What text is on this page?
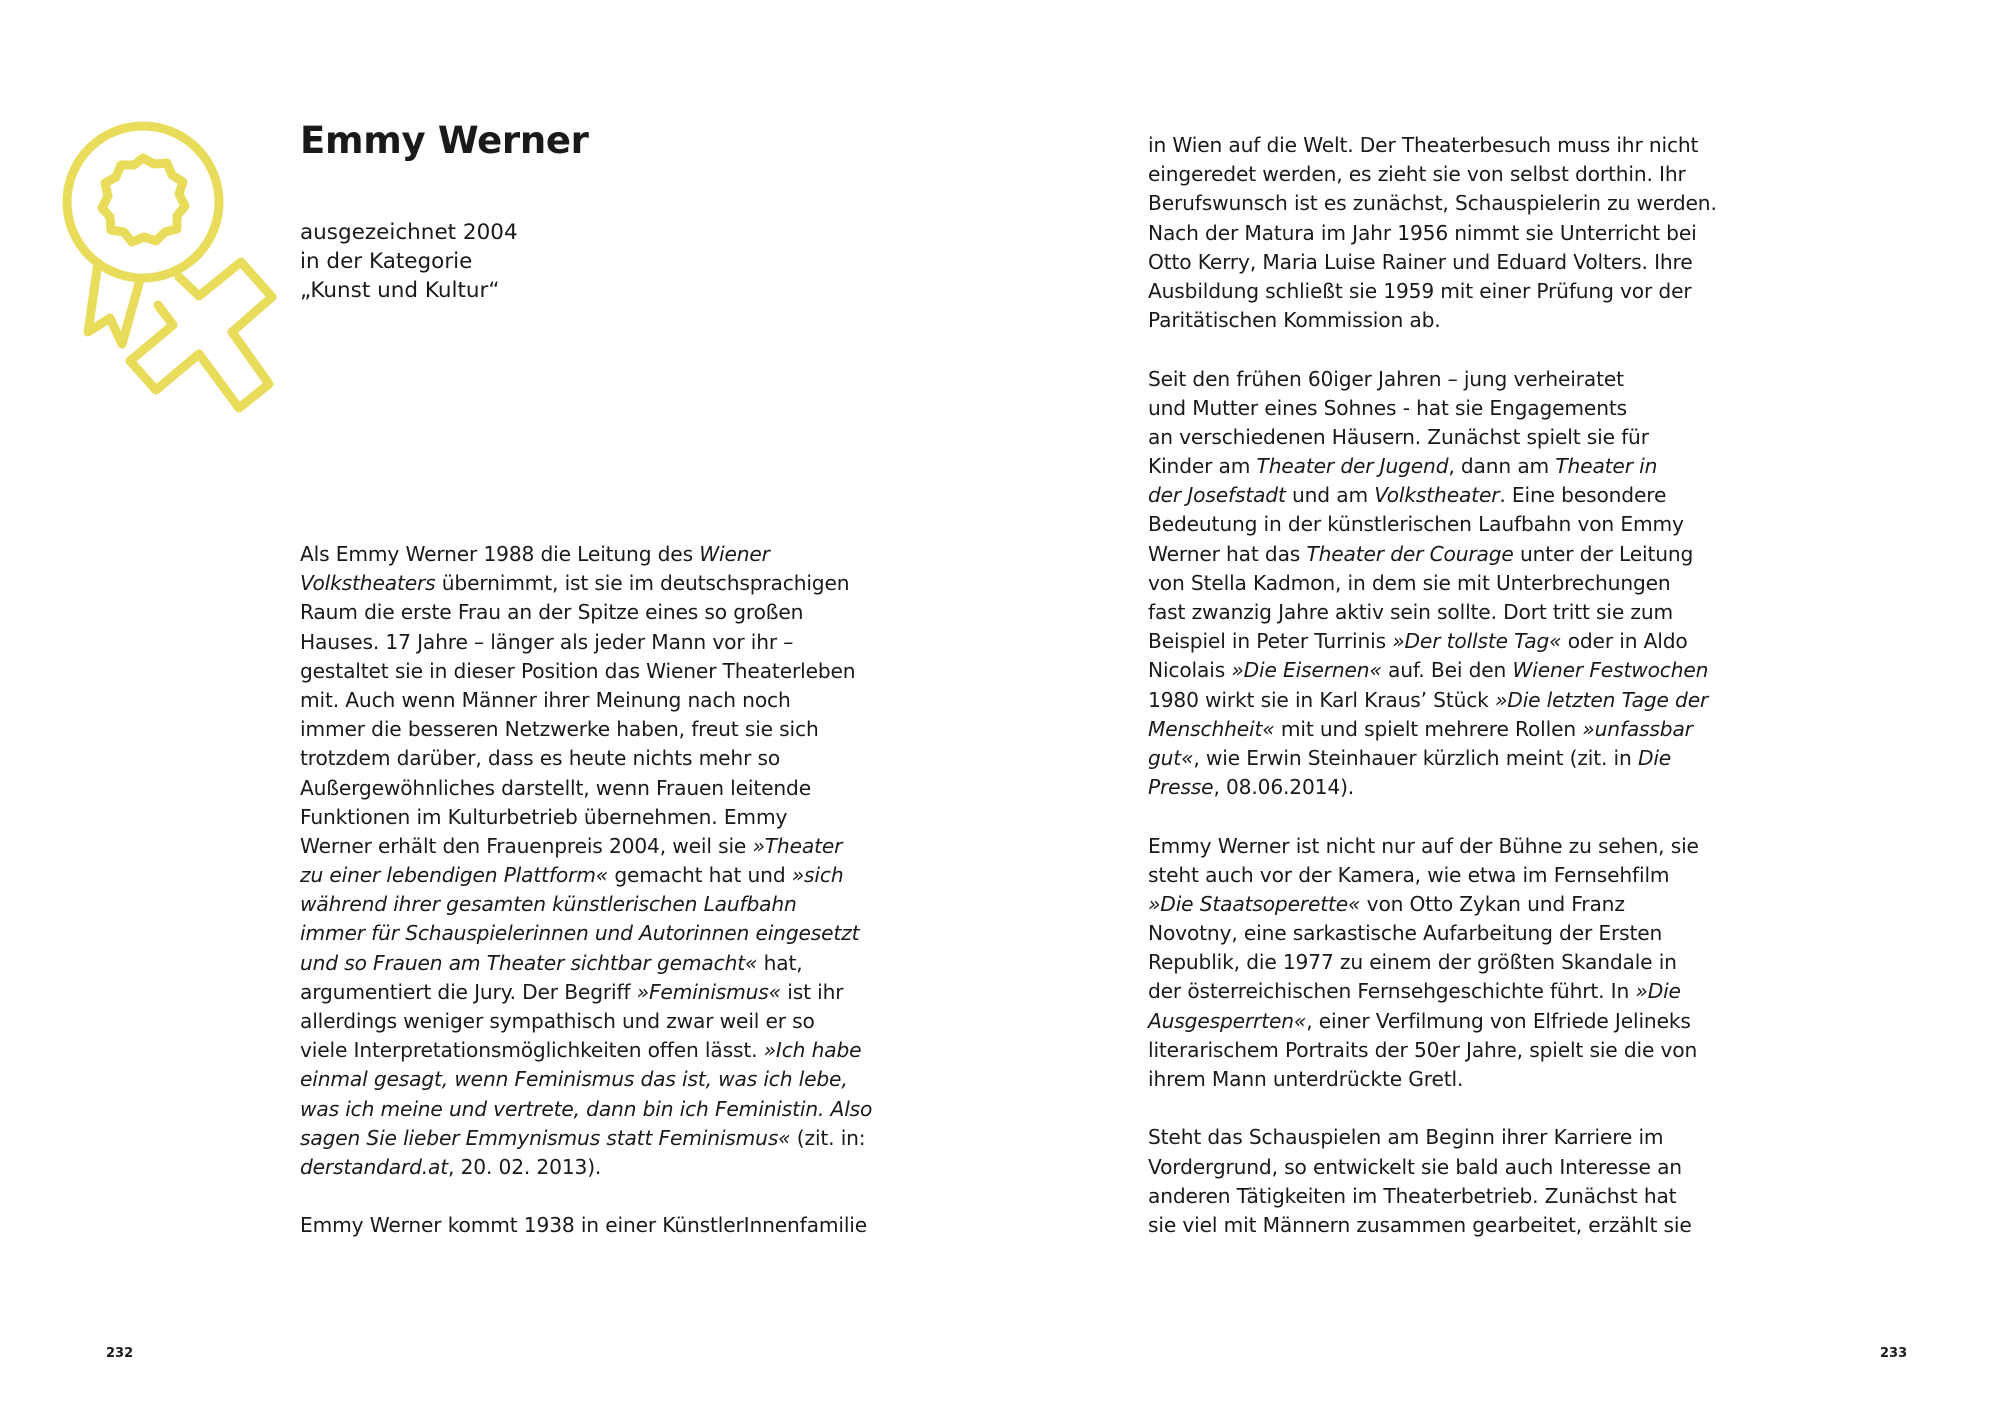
Emmy Werner
ausgezeichnet 2004
in der Kategorie
„Kunst und Kultur“
Als Emmy Werner 1988 die Leitung des Wiener
Volkstheaters übernimmt, ist sie im deutschsprachigen
Raum die erste Frau an der Spitze eines so großen
Hauses. 17 Jahre – länger als jeder Mann vor ihr –
gestaltet sie in dieser Position das Wiener Theaterleben
mit. Auch wenn Männer ihrer Meinung nach noch
immer die besseren Netzwerke haben, freut sie sich
trotzdem darüber, dass es heute nichts mehr so
Außergewöhnliches darstellt, wenn Frauen leitende
Funktionen im Kulturbetrieb übernehmen. Emmy
Werner erhält den Frauenpreis 2004, weil sie »Theater
zu einer lebendigen Plattform« gemacht hat und »sich
während ihrer gesamten künstlerischen Laufbahn
immer für Schauspielerinnen und Autorinnen eingesetzt
und so Frauen am Theater sichtbar gemacht« hat,
argumentiert die Jury. Der Begriff »Feminismus« ist ihr
allerdings weniger sympathisch und zwar weil er so
viele Interpretationsmöglichkeiten offen lässt. »Ich habe
einmal gesagt, wenn Feminismus das ist, was ich lebe,
was ich meine und vertrete, dann bin ich Feministin. Also
sagen Sie lieber Emmynismus statt Feminismus« (zit. in:
derstandard.at, 20. 02. 2013).
Emmy Werner kommt 1938 in einer KünstlerInnenfamilie
232
in Wien auf die Welt. Der Theaterbesuch muss ihr nicht
eingeredet werden, es zieht sie von selbst dorthin. Ihr
Berufswunsch ist es zunächst, Schauspielerin zu werden.
Nach der Matura im Jahr 1956 nimmt sie Unterricht bei
Otto Kerry, Maria Luise Rainer und Eduard Volters. Ihre
Ausbildung schließt sie 1959 mit einer Prüfung vor der
Paritätischen Kommission ab.
Seit den frühen 60iger Jahren – jung verheiratet
und Mutter eines Sohnes - hat sie Engagements
an verschiedenen Häusern. Zunächst spielt sie für
Kinder am Theater der Jugend, dann am Theater in
der Josefstadt und am Volkstheater. Eine besondere
Bedeutung in der künstlerischen Laufbahn von Emmy
Werner hat das Theater der Courage unter der Leitung
von Stella Kadmon, in dem sie mit Unterbrechungen
fast zwanzig Jahre aktiv sein sollte. Dort tritt sie zum
Beispiel in Peter Turrinis »Der tollste Tag« oder in Aldo
Nicolais »Die Eisernen« auf. Bei den Wiener Festwochen
1980 wirkt sie in Karl Kraus’ Stück »Die letzten Tage der
Menschheit« mit und spielt mehrere Rollen »unfassbar
gut«, wie Erwin Steinhauer kürzlich meint (zit. in Die
Presse, 08.06.2014).
Emmy Werner ist nicht nur auf der Bühne zu sehen, sie
steht auch vor der Kamera, wie etwa im Fernsehfilm
»Die Staatsoperette« von Otto Zykan und Franz
Novotny, eine sarkastische Aufarbeitung der Ersten
Republik, die 1977 zu einem der größten Skandale in
der österreichischen Fernsehgeschichte führt. In »Die
Ausgesperrten«, einer Verfilmung von Elfriede Jelineks
literarischem Portraits der 50er Jahre, spielt sie die von
ihrem Mann unterdrückte Gretl.
Steht das Schauspielen am Beginn ihrer Karriere im
Vordergrund, so entwickelt sie bald auch Interesse an
anderen Tätigkeiten im Theaterbetrieb. Zunächst hat
sie viel mit Männern zusammen gearbeitet, erzählt sie
233
